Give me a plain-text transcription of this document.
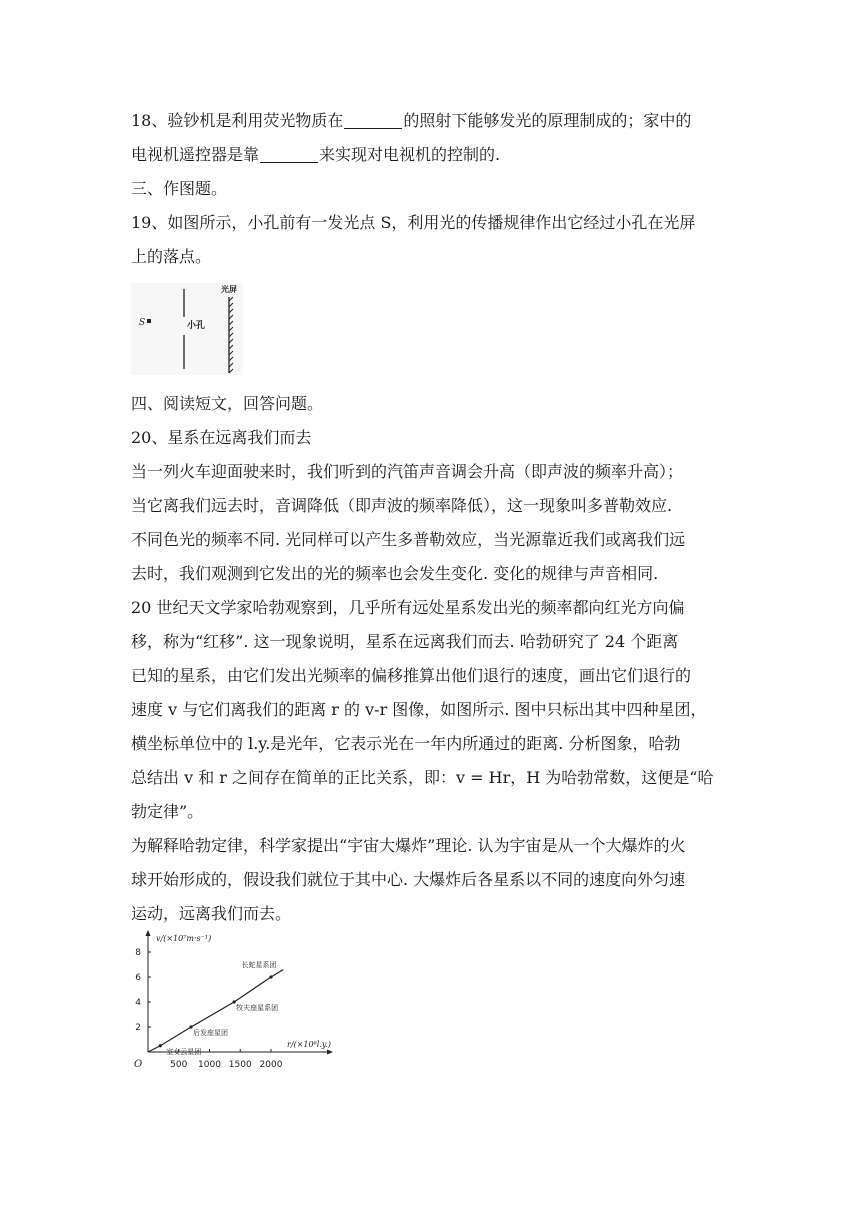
18、验钞机是利用荧光物质在	的照射下能够发光的原理制成的；家中的
电视机遥控器是靠	来实现对电视机的控制的.
三、作图题。
19、如图所示，小孔前有一发光点 S，利用光的传播规律作出它经过小孔在光屏
上的落点。
S	小孔
光屏
四、阅读短文，回答问题。
20、星系在远离我们而去
当一列火车迎面驶来时，我们听到的汽笛声音调会升高（即声波的频率升高）；
当它离我们远去时，音调降低（即声波的频率降低），这一现象叫多普勒效应.
不同色光的频率不同. 光同样可以产生多普勒效应，当光源靠近我们或离我们远
去时，我们观测到它发出的光的频率也会发生变化. 变化的规律与声音相同.
20 世纪天文学家哈勃观察到，几乎所有远处星系发出光的频率都向红光方向偏
移，称为“红移”. 这一现象说明，星系在远离我们而去. 哈勃研究了 24 个距离
已知的星系，由它们发出光频率的偏移推算出他们退行的速度，画出它们退行的
速度 v 与它们离我们的距离 r 的 v-r 图像，如图所示. 图中只标出其中四种星团，
横坐标单位中的 l.y.是光年，它表示光在一年内所通过的距离. 分析图象，哈勃
总结出 v 和 r 之间存在简单的正比关系，即：v = Hr，H 为哈勃常数，这便是“哈
勃定律”。
为解释哈勃定律，科学家提出“宇宙大爆炸”理论. 认为宇宙是从一个大爆炸的火
球开始形成的，假设我们就位于其中心. 大爆炸后各星系以不同的速度向外匀速
运动，远离我们而去。
2
4
6
8
500 1000 1500 2000
O
v/(×10⁷m·s⁻¹)
r/(×10⁶l.y.)
长蛇星系团
牧夫座星系团
后发座星团
室女云星团
